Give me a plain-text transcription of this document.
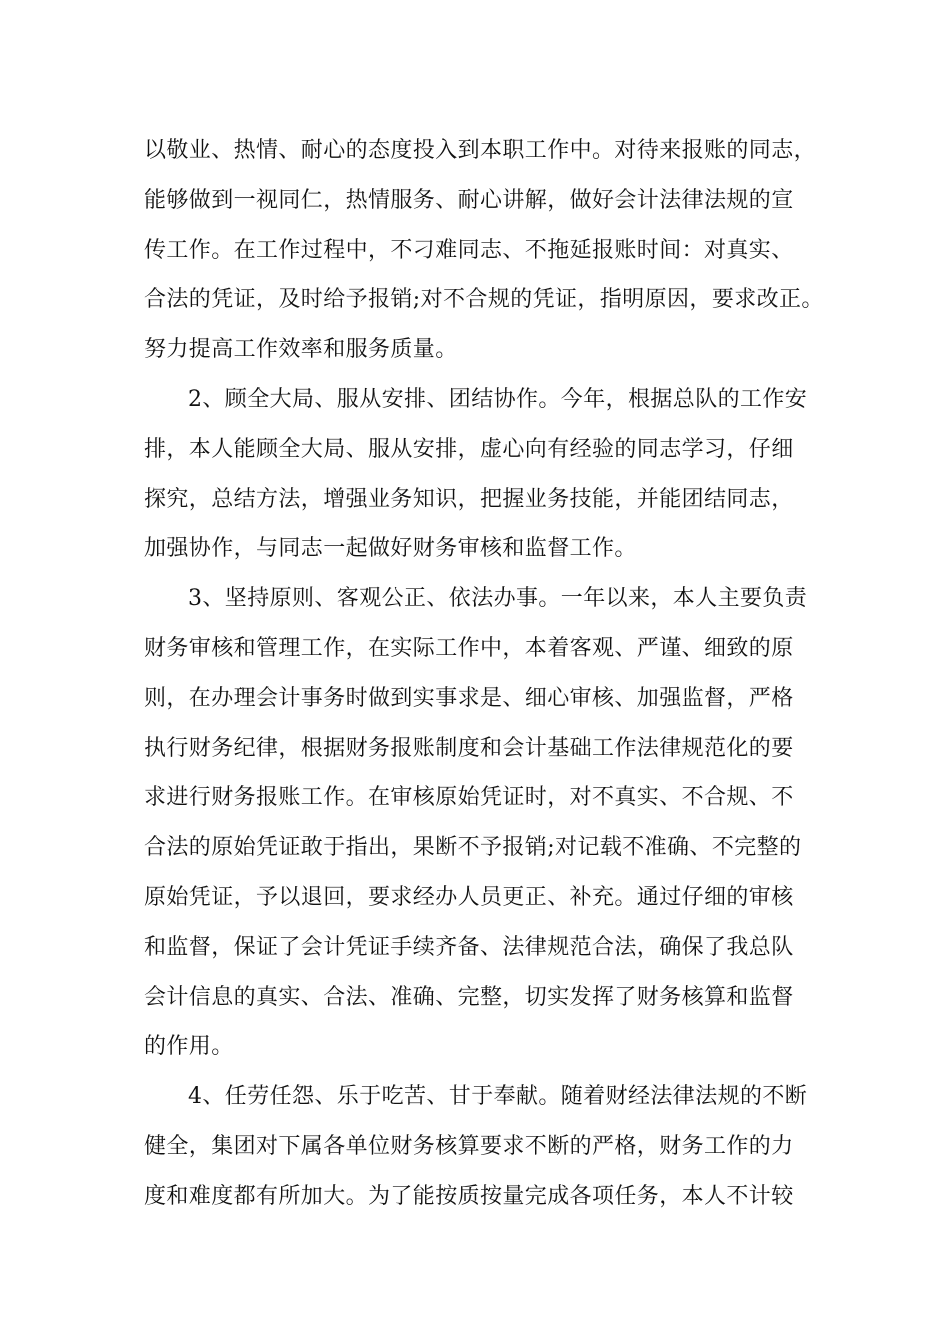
以敬业、热情、耐心的态度投入到本职工作中。对待来报账的同志，
能够做到一视同仁，热情服务、耐心讲解，做好会计法律法规的宣
传工作。在工作过程中，不刁难同志、不拖延报账时间：对真实、
合法的凭证，及时给予报销;对不合规的凭证，指明原因，要求改正。
努力提高工作效率和服务质量。
2、顾全大局、服从安排、团结协作。今年，根据总队的工作安
排，本人能顾全大局、服从安排，虚心向有经验的同志学习，仔细
探究，总结方法，增强业务知识，把握业务技能，并能团结同志，
加强协作，与同志一起做好财务审核和监督工作。
3、坚持原则、客观公正、依法办事。一年以来，本人主要负责
财务审核和管理工作，在实际工作中，本着客观、严谨、细致的原
则，在办理会计事务时做到实事求是、细心审核、加强监督，严格
执行财务纪律，根据财务报账制度和会计基础工作法律规范化的要
求进行财务报账工作。在审核原始凭证时，对不真实、不合规、不
合法的原始凭证敢于指出，果断不予报销;对记载不准确、不完整的
原始凭证，予以退回，要求经办人员更正、补充。通过仔细的审核
和监督，保证了会计凭证手续齐备、法律规范合法，确保了我总队
会计信息的真实、合法、准确、完整，切实发挥了财务核算和监督
的作用。
4、任劳任怨、乐于吃苦、甘于奉献。随着财经法律法规的不断
健全，集团对下属各单位财务核算要求不断的严格，财务工作的力
度和难度都有所加大。为了能按质按量完成各项任务，本人不计较
